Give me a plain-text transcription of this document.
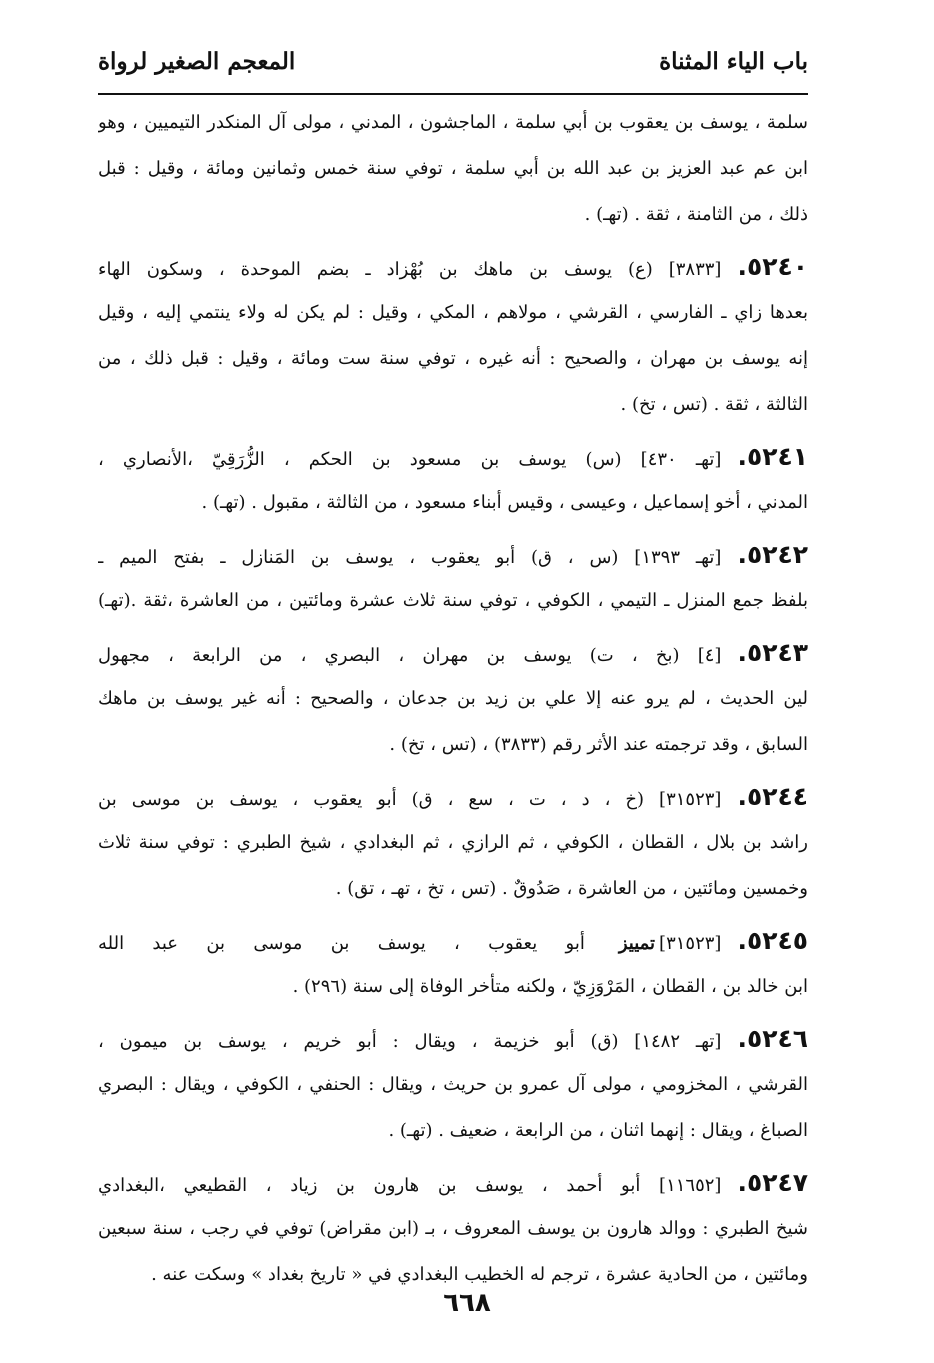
باب الياء المثناة
المعجم الصغير لرواة
سلمة ، يوسف بن يعقوب بن أبي سلمة ، الماجشون ، المدني ، مولى آل المنكدر التيميين ، وهو
ابن عم عبد العزيز بن عبد الله بن أبي سلمة ، توفي سنة خمس وثمانين ومائة ، وقيل : قبل
ذلك ، من الثامنة ، ثقة . (تهـ) .
٥٢٤٠.[٣٨٣٣] (ع) يوسف بن ماهك بن بُهْزاد ـ بضم الموحدة ، وسكون الهاء
بعدها زاي ـ الفارسي ، القرشي ، مولاهم ، المكي ، وقيل : لم يكن له ولاء ينتمي إليه ، وقيل
إنه يوسف بن مهران ، والصحيح : أنه غيره ، توفي سنة ست ومائة ، وقيل : قبل ذلك ، من
الثالثة ، ثقة . (تس ، تخ) .
٥٢٤١.[تهـ ٤٣٠] (س) يوسف بن مسعود بن الحكم ، الزُّرَقِيّ ،الأنصاري ،
المدني ، أخو إسماعيل ، وعيسى ، وقيس أبناء مسعود ، من الثالثة ، مقبول . (تهـ) .
٥٢٤٢.[تهـ ١٣٩٣] (س ، ق) أبو يعقوب ، يوسف بن المَنازل ـ بفتح الميم ـ
بلفظ جمع المنزل ـ التيمي ، الكوفي ، توفي سنة ثلاث عشرة ومائتين ، من العاشرة ،ثقة .(تهـ)
٥٢٤٣.[٤] (بخ ، ت) يوسف بن مهران ، البصري ، من الرابعة ، مجهول
لين الحديث ، لم يرو عنه إلا علي بن زيد بن جدعان ، والصحيح : أنه غير يوسف بن ماهك
السابق ، وقد ترجمته عند الأثر رقم (٣٨٣٣) ، (تس ، تخ) .
٥٢٤٤.[٣١٥٢٣] (خ ، د ، ت ، سع ، ق) أبو يعقوب ، يوسف بن موسى بن
راشد بن بلال ، القطان ، الكوفي ، ثم الرازي ، ثم البغدادي ، شيخ الطبري : توفي سنة ثلاث
وخمسين ومائتين ، من العاشرة ، صَدُوقٌ . (تس ، تخ ، تهـ ، تق) .
٥٢٤٥.[٣١٥٢٣]تمييزأبو يعقوب ، يوسف بن موسى بن عبد الله
ابن خالد بن ، القطان ، المَرْوَزِيّ ، ولكنه متأخر الوفاة إلى سنة (٢٩٦) .
٥٢٤٦.[تهـ ١٤٨٢] (ق) أبو خزيمة ، ويقال : أبو خريم ، يوسف بن ميمون ،
القرشي ، المخزومي ، مولى آل عمرو بن حريث ، ويقال : الحنفي ، الكوفي ، ويقال : البصري
الصباغ ، ويقال : إنهما اثنان ، من الرابعة ، ضعيف . (تهـ) .
٥٢٤٧.[١١٦٥٢] أبو أحمد ، يوسف بن هارون بن زياد ، القطيعي ،البغدادي
شيخ الطبري : ووالد هارون بن يوسف المعروف ، بـ (ابن مقراض) توفي في رجب ، سنة سبعين
ومائتين ، من الحادية عشرة ، ترجم له الخطيب البغدادي في « تاريخ بغداد » وسكت عنه .
٦٦٨
